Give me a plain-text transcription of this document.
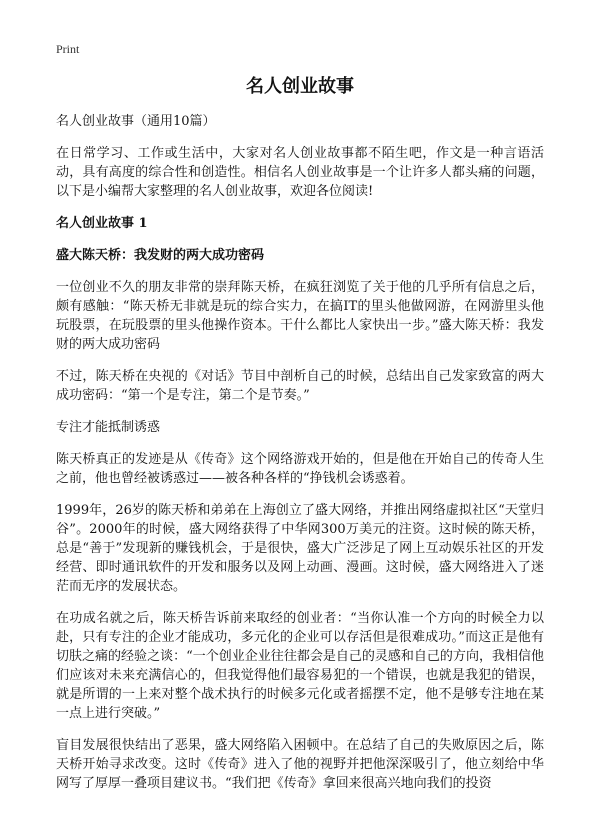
Print
名人创业故事

名人创业故事（通用10篇）

在日常学习、工作或生活中，大家对名人创业故事都不陌生吧，作文是一种言语活动，具有高度的综合性和创造性。相信名人创业故事是一个让许多人都头痛的问题，以下是小编帮大家整理的名人创业故事，欢迎各位阅读!

名人创业故事 1
盛大陈天桥：我发财的两大成功密码

一位创业不久的朋友非常的崇拜陈天桥，在疯狂浏览了关于他的几乎所有信息之后，颇有感触：“陈天桥无非就是玩的综合实力，在搞IT的里头他做网游，在网游里头他玩股票，在玩股票的里头他操作资本。干什么都比人家快出一步。”盛大陈天桥：我发财的两大成功密码

不过，陈天桥在央视的《对话》节目中剖析自己的时候，总结出自己发家致富的两大成功密码：“第一个是专注，第二个是节奏。”

专注才能抵制诱惑

陈天桥真正的发迹是从《传奇》这个网络游戏开始的，但是他在开始自己的传奇人生之前，他也曾经被诱惑过——被各种各样的“挣钱机会诱惑着。

1999年，26岁的陈天桥和弟弟在上海创立了盛大网络，并推出网络虚拟社区“天堂归谷”。2000年的时候，盛大网络获得了中华网300万美元的注资。这时候的陈天桥，总是“善于”发现新的赚钱机会，于是很快，盛大广泛涉足了网上互动娱乐社区的开发经营、即时通讯软件的开发和服务以及网上动画、漫画。这时候，盛大网络进入了迷茫而无序的发展状态。

在功成名就之后，陈天桥告诉前来取经的创业者：“当你认准一个方向的时候全力以赴，只有专注的企业才能成功，多元化的企业可以存活但是很难成功。”而这正是他有切肤之痛的经验之谈：“一个创业企业往往都会是自己的灵感和自己的方向，我相信他们应该对未来充满信心的，但我觉得他们最容易犯的一个错误，也就是我犯的错误，就是所谓的一上来对整个战术执行的时候多元化或者摇摆不定，他不是够专注地在某一点上进行突破。”

盲目发展很快结出了恶果，盛大网络陷入困顿中。在总结了自己的失败原因之后，陈天桥开始寻求改变。这时《传奇》进入了他的视野并把他深深吸引了，他立刻给中华网写了厚厚一叠项目建议书。“我们把《传奇》拿回来很高兴地向我们的投资
